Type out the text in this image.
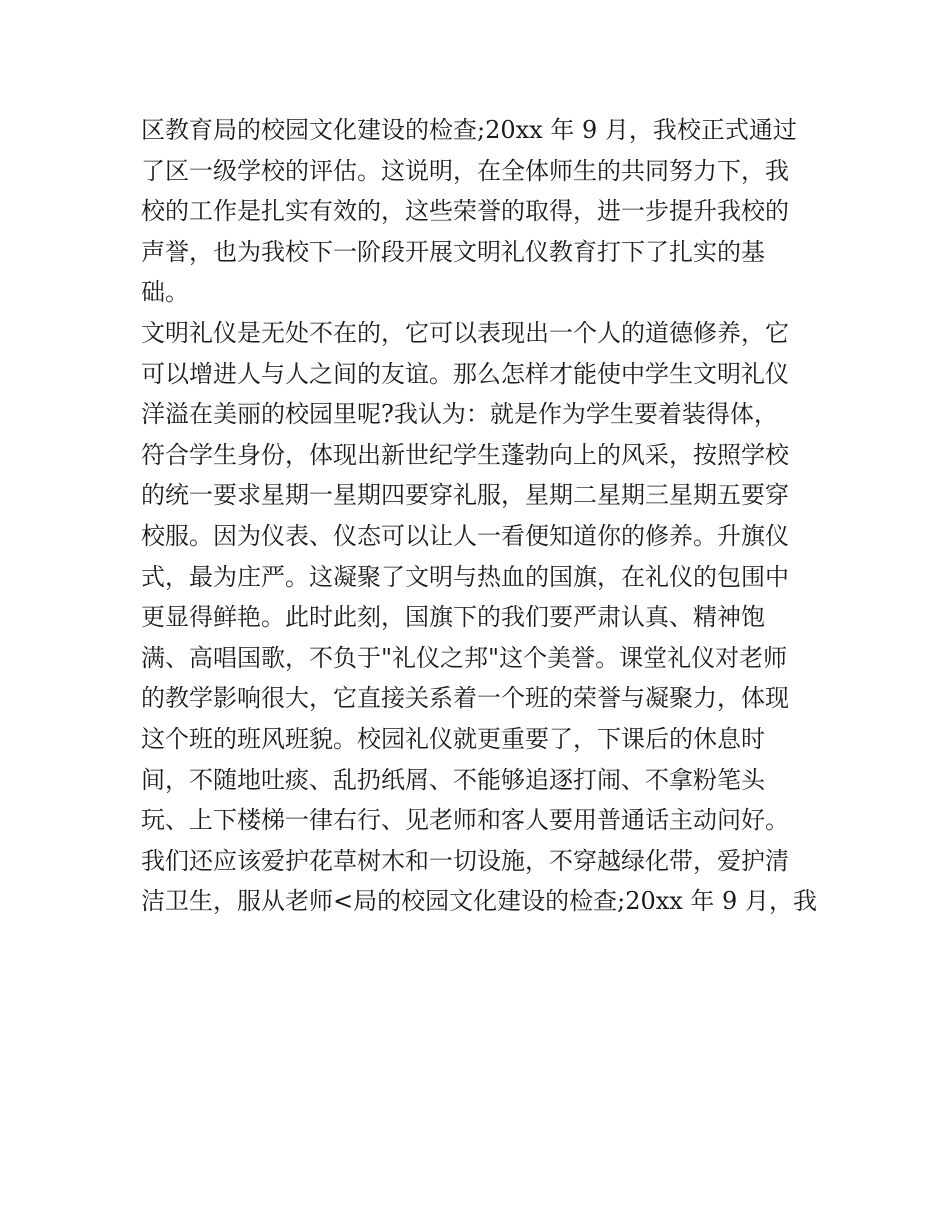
区教育局的校园文化建设的检查;20xx 年 9 月，我校正式通过
了区一级学校的评估。这说明，在全体师生的共同努力下，我
校的工作是扎实有效的，这些荣誉的取得，进一步提升我校的
声誉，也为我校下一阶段开展文明礼仪教育打下了扎实的基
础。
文明礼仪是无处不在的，它可以表现出一个人的道德修养，它
可以增进人与人之间的友谊。那么怎样才能使中学生文明礼仪
洋溢在美丽的校园里呢?我认为：就是作为学生要着装得体，
符合学生身份，体现出新世纪学生蓬勃向上的风采，按照学校
的统一要求星期一星期四要穿礼服，星期二星期三星期五要穿
校服。因为仪表、仪态可以让人一看便知道你的修养。升旗仪
式，最为庄严。这凝聚了文明与热血的国旗，在礼仪的包围中
更显得鲜艳。此时此刻，国旗下的我们要严肃认真、精神饱
满、高唱国歌，不负于"礼仪之邦"这个美誉。课堂礼仪对老师
的教学影响很大，它直接关系着一个班的荣誉与凝聚力，体现
这个班的班风班貌。校园礼仪就更重要了，下课后的休息时
间，不随地吐痰、乱扔纸屑、不能够追逐打闹、不拿粉笔头
玩、上下楼梯一律右行、见老师和客人要用普通话主动问好。
我们还应该爱护花草树木和一切设施，不穿越绿化带，爱护清
洁卫生，服从老师<局的校园文化建设的检查;20xx 年 9 月，我
